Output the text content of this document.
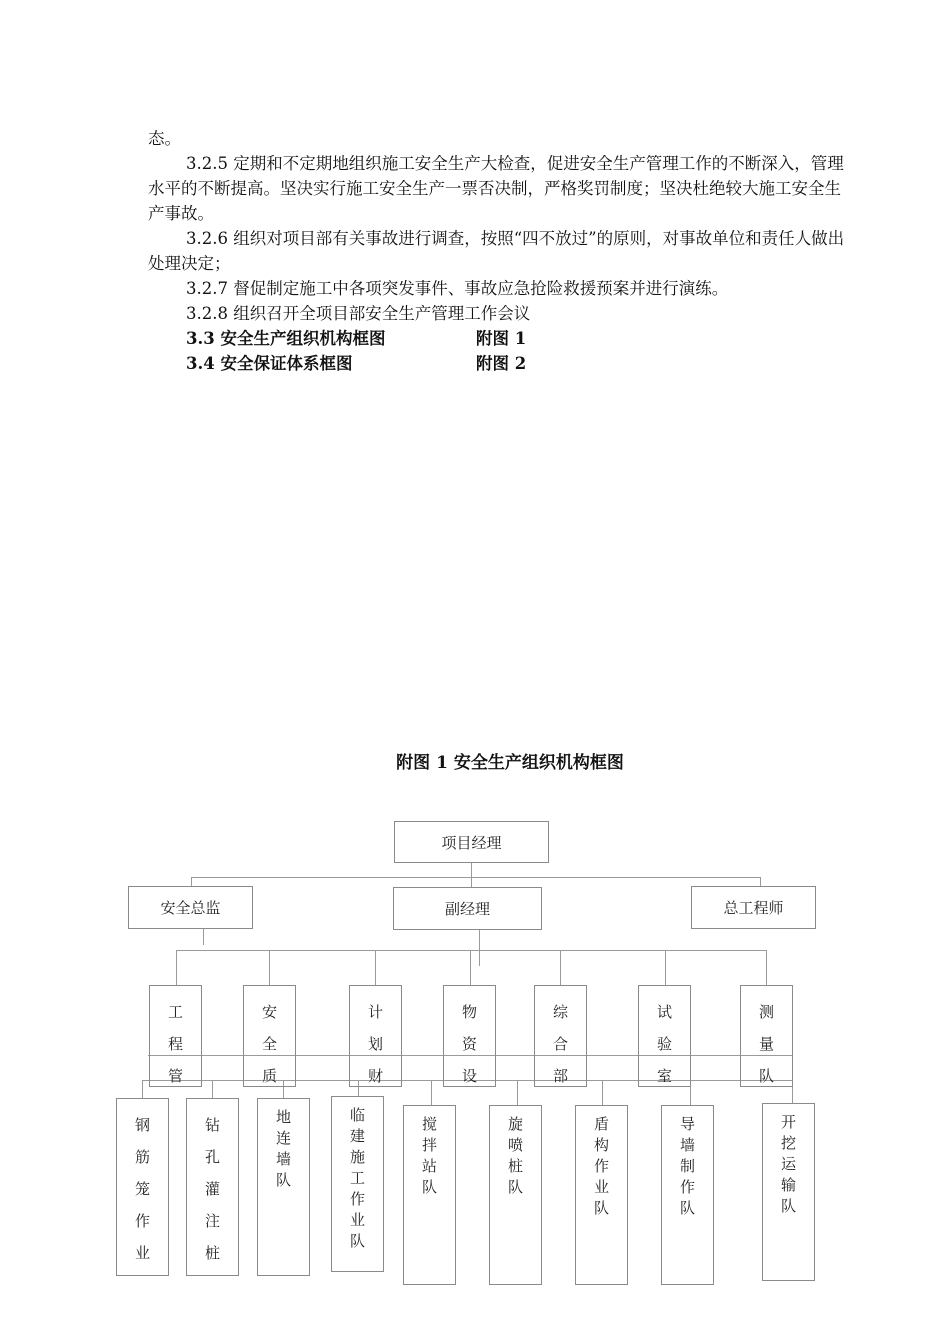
态。

3.2.5 定期和不定期地组织施工安全生产大检查，促进安全生产管理工作的不断深入，管理水平的不断提高。坚决实行施工安全生产一票否决制，严格奖罚制度；坚决杜绝较大施工安全生产事故。

3.2.6 组织对项目部有关事故进行调查，按照“四不放过”的原则，对事故单位和责任人做出处理决定；

3.2.7 督促制定施工中各项突发事件、事故应急抢险救援预案并进行演练。

3.2.8 组织召开全项目部安全生产管理工作会议

3.3 安全生产组织机构框图	附图 1
3.4 安全保证体系框图	附图 2
附图 1 安全生产组织机构框图
项目经理
安全总监	副经理	总工程师
工
程
管
安
全
质
计
划
财
物
资
设
综
合
部
试
验
室
测
量
队
钢
筋
笼
作
业
钻
孔
灌
注
桩
地
连
墙
队
临
建
施
工
作
业
队
搅
拌
站
队
旋
喷
桩
队
盾
构
作
业
队
导
墙
制
作
队
开
挖
运
输
队
